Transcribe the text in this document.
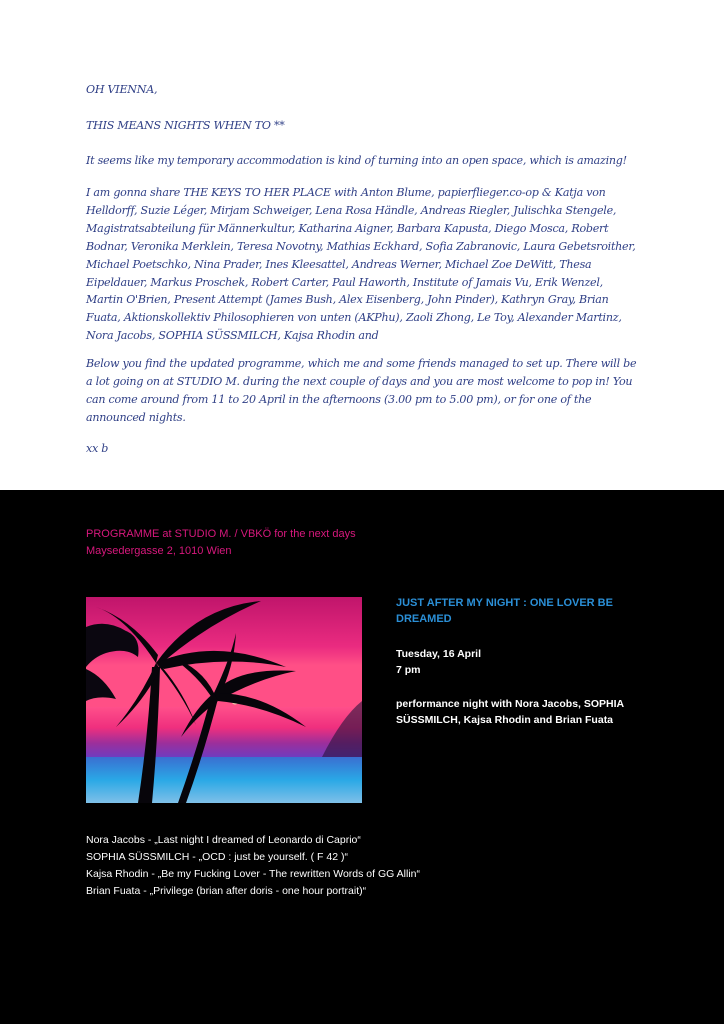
OH VIENNA,

THIS MEANS NIGHTS WHEN TO **

It seems like my temporary accommodation is kind of turning into an open space, which is amazing!

I am gonna share THE KEYS TO HER PLACE with Anton Blume, papierflieger.co-op & Katja von Helldorff, Suzie Léger, Mirjam Schweiger, Lena Rosa Händle, Andreas Riegler, Julischka Stengele, Magistratsabteilung für Männerkultur, Katharina Aigner, Barbara Kapusta, Diego Mosca, Robert Bodnar, Veronika Merklein, Teresa Novotny, Mathias Eckhard, Sofia Zabranovic, Laura Gebetsroither, Michael Poetschko, Nina Prader, Ines Kleesattel, Andreas Werner, Michael Zoe DeWitt, Thesa Eipeldauer, Markus Proschek, Robert Carter, Paul Haworth, Institute of Jamais Vu, Erik Wenzel, Martin O'Brien, Present Attempt (James Bush, Alex Eisenberg, John Pinder), Kathryn Gray, Brian Fuata, Aktionskollektiv Philosophieren von unten (AKPhu), Zaoli Zhong, Le Toy, Alexander Martinz, Nora Jacobs, SOPHIA SÜSSMILCH, Kajsa Rhodin and

Below you find the updated programme, which me and some friends managed to set up. There will be a lot going on at STUDIO M. during the next couple of days and you are most welcome to pop in! You can come around from 11 to 20 April in the afternoons (3.00 pm to 5.00 pm), or for one of the announced nights.

xx b

PROGRAMME at STUDIO M. / VBKÖ for the next days

Maysedergasse 2, 1010 Wien

JUST AFTER MY NIGHT : ONE LOVER BE DREAMED

Tuesday, 16 April

7 pm

performance night with Nora Jacobs, SOPHIA SÜSSMILCH, Kajsa Rhodin and Brian Fuata

Nora Jacobs - „Last night I dreamed of Leonardo di Caprio“
SOPHIA SÜSSMILCH - „OCD : just be yourself. ( F 42 )“
Kajsa Rhodin - „Be my Fucking Lover - The rewritten Words of GG Allin“
Brian Fuata - „Privilege (brian after doris - one hour portrait)“
